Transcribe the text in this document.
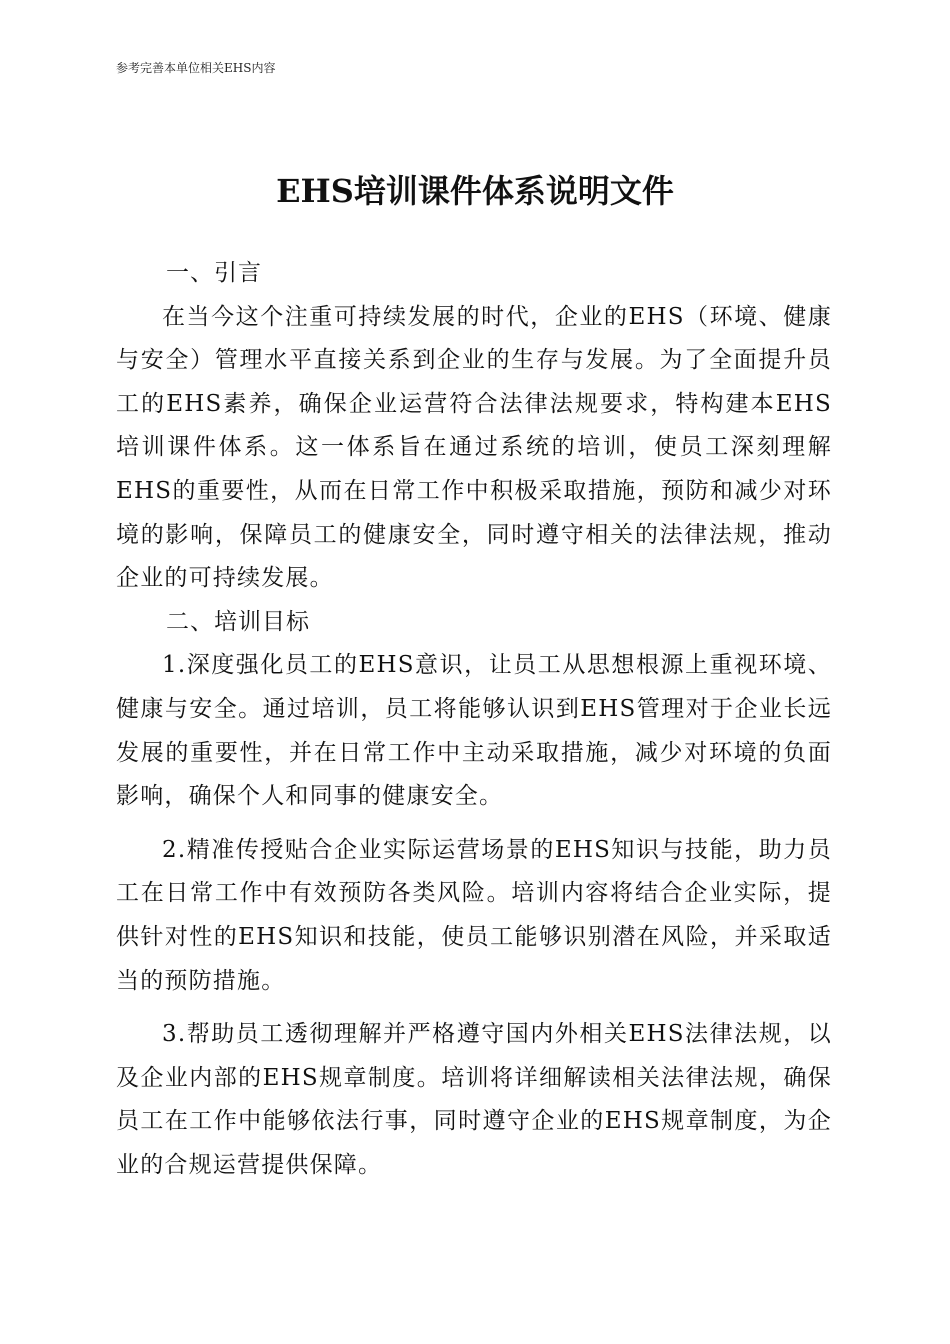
参考完善本单位相关EHS内容
EHS培训课件体系说明文件
一、引言

在当今这个注重可持续发展的时代，企业的EHS（环境、健康与安全）管理水平直接关系到企业的生存与发展。为了全面提升员工的EHS素养，确保企业运营符合法律法规要求，特构建本EHS培训课件体系。这一体系旨在通过系统的培训，使员工深刻理解EHS的重要性，从而在日常工作中积极采取措施，预防和减少对环境的影响，保障员工的健康安全，同时遵守相关的法律法规，推动企业的可持续发展。

二、培训目标

1.深度强化员工的EHS意识，让员工从思想根源上重视环境、健康与安全。通过培训，员工将能够认识到EHS管理对于企业长远发展的重要性，并在日常工作中主动采取措施，减少对环境的负面影响，确保个人和同事的健康安全。

2.精准传授贴合企业实际运营场景的EHS知识与技能，助力员工在日常工作中有效预防各类风险。培训内容将结合企业实际，提供针对性的EHS知识和技能，使员工能够识别潜在风险，并采取适当的预防措施。

3.帮助员工透彻理解并严格遵守国内外相关EHS法律法规，以及企业内部的EHS规章制度。培训将详细解读相关法律法规，确保员工在工作中能够依法行事，同时遵守企业的EHS规章制度，为企业的合规运营提供保障。
